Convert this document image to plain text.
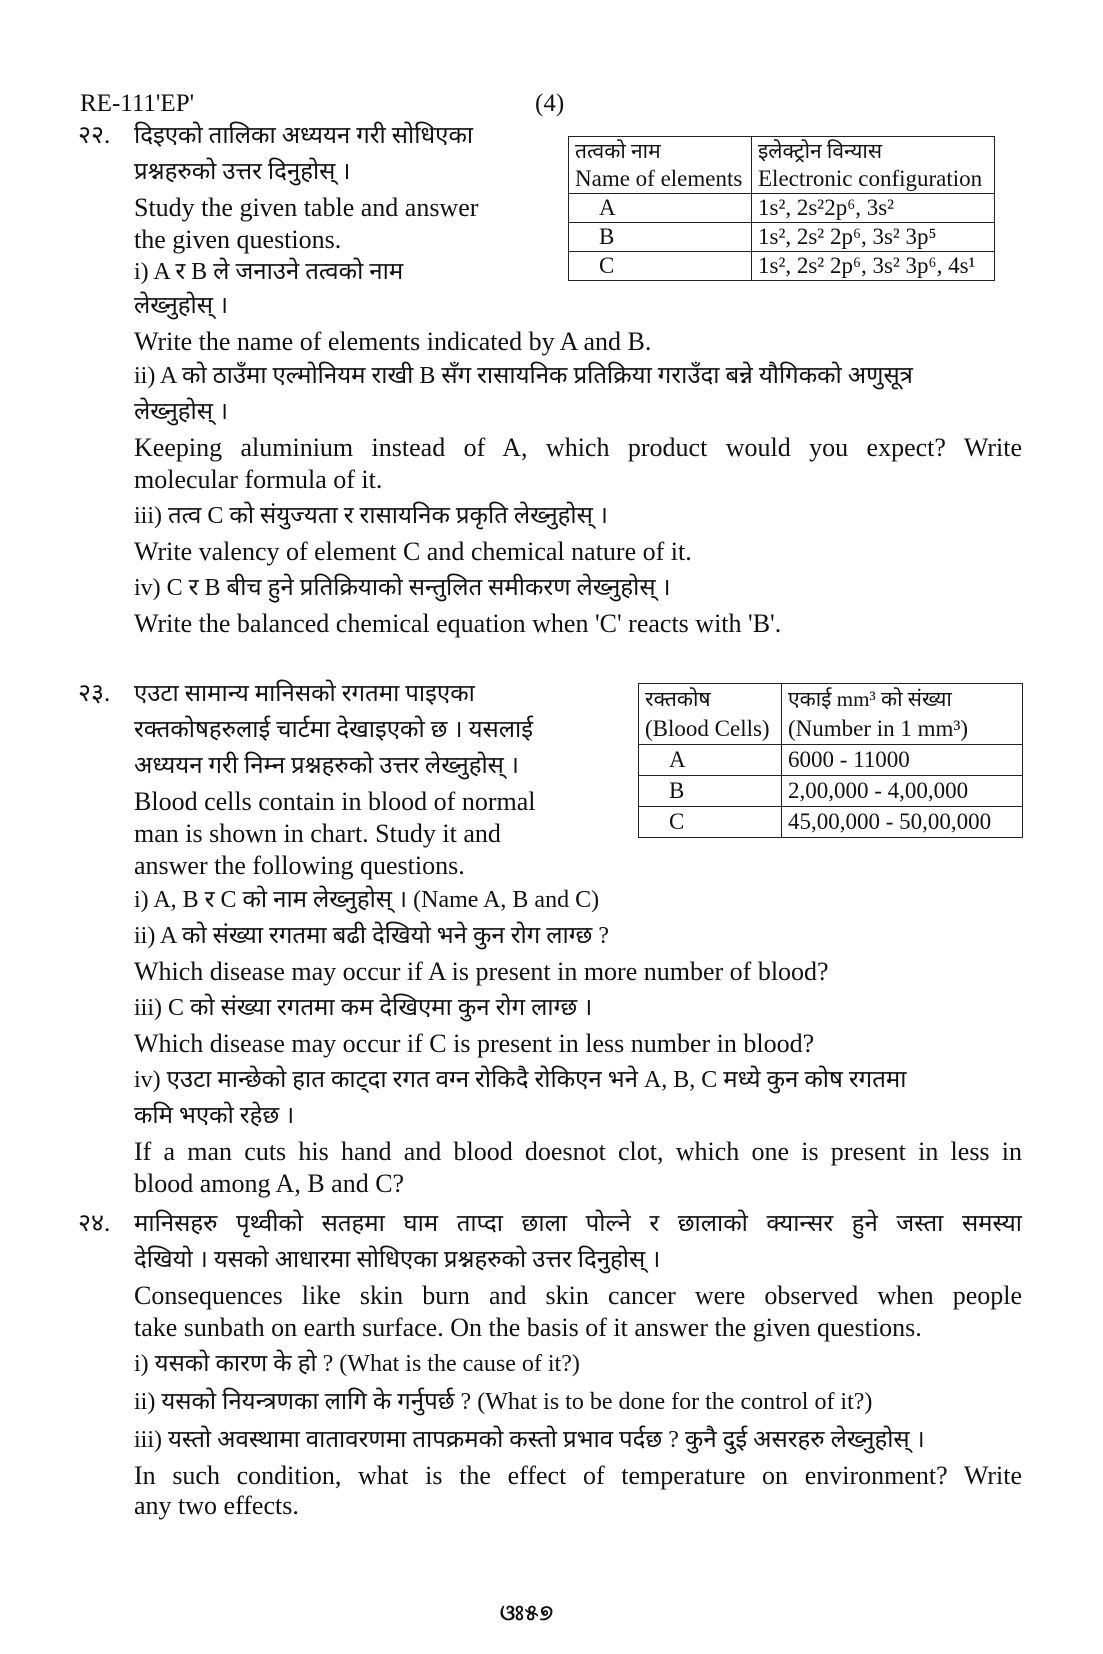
RE-111'EP'	(4)
२२. दिइएको तालिका अध्ययन गरी सोधिएका
प्रश्नहरुको उत्तर दिनुहोस् ।
Study the given table and answer
the given questions.
i) A र B ले जनाउने तत्वको नाम
लेख्नुहोस् ।
Write the name of elements indicated by A and B.
ii) A को ठाउँमा एल्मोनियम राखी B सँग रासायनिक प्रतिक्रिया गराउँदा बन्ने यौगिकको अणुसूत्र
लेख्नुहोस् ।
Keeping aluminium instead of A, which product would you expect? Write
molecular formula of it.
iii) तत्व C को संयुज्यता र रासायनिक प्रकृति लेख्नुहोस् ।
Write valency of element C and chemical nature of it.
iv) C र B बीच हुने प्रतिक्रियाको सन्तुलित समीकरण लेख्नुहोस् ।
Write the balanced chemical equation when 'C' reacts with 'B'.
तत्वको नाम	इलेक्ट्रोन विन्यास
Name of elements	Electronic configuration
A	1s², 2s²2p⁶, 3s²
B	1s², 2s² 2p⁶, 3s² 3p⁵
C	1s², 2s² 2p⁶, 3s² 3p⁶, 4s¹
२३. एउटा सामान्य मानिसको रगतमा पाइएका
रक्तकोषहरुलाई चार्टमा देखाइएको छ । यसलाई
अध्ययन गरी निम्न प्रश्नहरुको उत्तर लेख्नुहोस् ।
Blood cells contain in blood of normal
man is shown in chart. Study it and
answer the following questions.
i) A, B र C को नाम लेख्नुहोस् । (Name A, B and C)
ii) A को संख्या रगतमा बढी देखियो भने कुन रोग लाग्छ ?
Which disease may occur if A is present in more number of blood?
iii) C को संख्या रगतमा कम देखिएमा कुन रोग लाग्छ ।
Which disease may occur if C is present in less number in blood?
iv) एउटा मान्छेको हात काट्दा रगत वग्न रोकिदै रोकिएन भने A, B, C मध्ये कुन कोष रगतमा
कमि भएको रहेछ ।
If a man cuts his hand and blood doesnot clot, which one is present in less in
blood among A, B and C?
रक्तकोष	एकाई mm³ को संख्या
(Blood Cells)	(Number in 1 mm³)
A	6000 - 11000
B	2,00,000 - 4,00,000
C	45,00,000 - 50,00,000
२४. मानिसहरु पृथ्वीको सतहमा घाम ताप्दा छाला पोल्ने र छालाको क्यान्सर हुने जस्ता समस्या
देखियो । यसको आधारमा सोधिएका प्रश्नहरुको उत्तर दिनुहोस् ।
Consequences like skin burn and skin cancer were observed when people
take sunbath on earth surface. On the basis of it answer the given questions.
i) यसको कारण के हो ? (What is the cause of it?)
ii) यसको नियन्त्रणका लागि के गर्नुपर्छ ? (What is to be done for the control of it?)
iii) यस्तो अवस्थामा वातावरणमा तापक्रमको कस्तो प्रभाव पर्दछ ? कुनै दुई असरहरु लेख्नुहोस् ।
In such condition, what is the effect of temperature on environment? Write
any two effects.
ଓଃ୫୭
